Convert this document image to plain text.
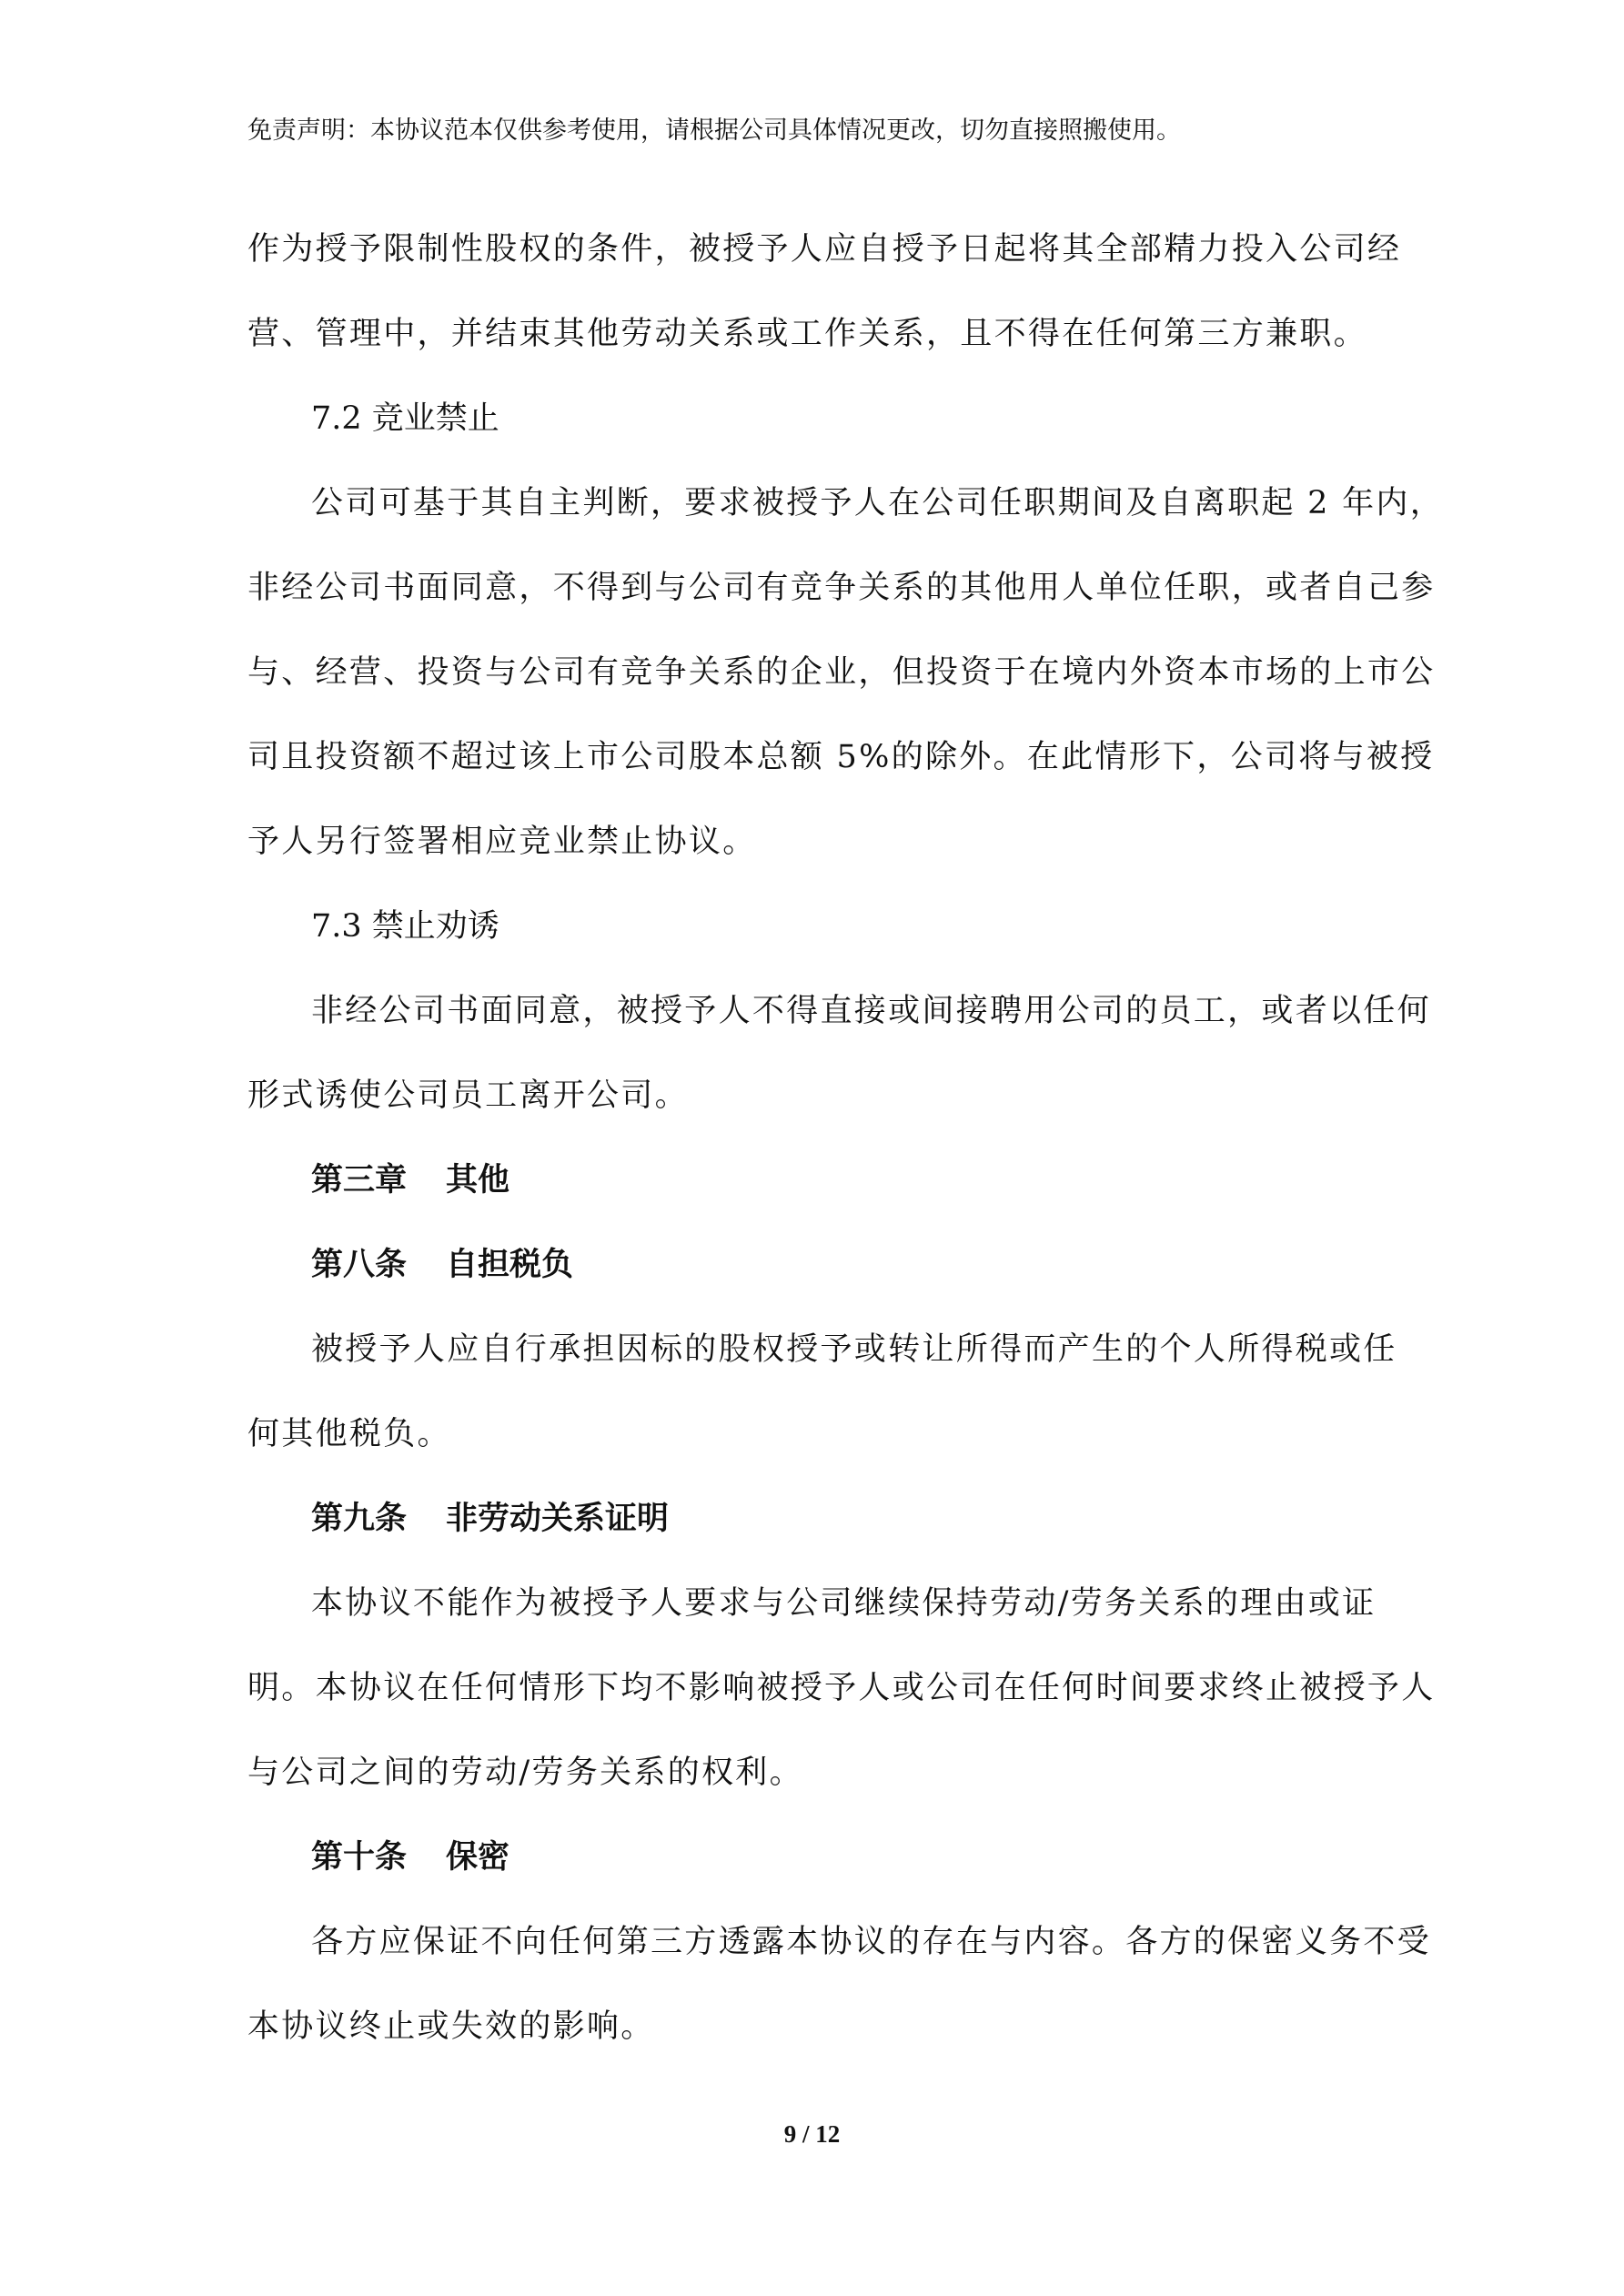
免责声明：本协议范本仅供参考使用，请根据公司具体情况更改，切勿直接照搬使用。

作为授予限制性股权的条件，被授予人应自授予日起将其全部精力投入公司经
营、管理中，并结束其他劳动关系或工作关系，且不得在任何第三方兼职。

7.2 竞业禁止

公司可基于其自主判断，要求被授予人在公司任职期间及自离职起 2 年内，
非经公司书面同意，不得到与公司有竞争关系的其他用人单位任职，或者自己参
与、经营、投资与公司有竞争关系的企业，但投资于在境内外资本市场的上市公
司且投资额不超过该上市公司股本总额 5%的除外。在此情形下，公司将与被授
予人另行签署相应竞业禁止协议。

7.3 禁止劝诱

非经公司书面同意，被授予人不得直接或间接聘用公司的员工，或者以任何
形式诱使公司员工离开公司。

第三章 其他

第八条 自担税负

被授予人应自行承担因标的股权授予或转让所得而产生的个人所得税或任
何其他税负。

第九条 非劳动关系证明

本协议不能作为被授予人要求与公司继续保持劳动/劳务关系的理由或证
明。本协议在任何情形下均不影响被授予人或公司在任何时间要求终止被授予人
与公司之间的劳动/劳务关系的权利。

第十条 保密

各方应保证不向任何第三方透露本协议的存在与内容。各方的保密义务不受
本协议终止或失效的影响。

9 / 12
